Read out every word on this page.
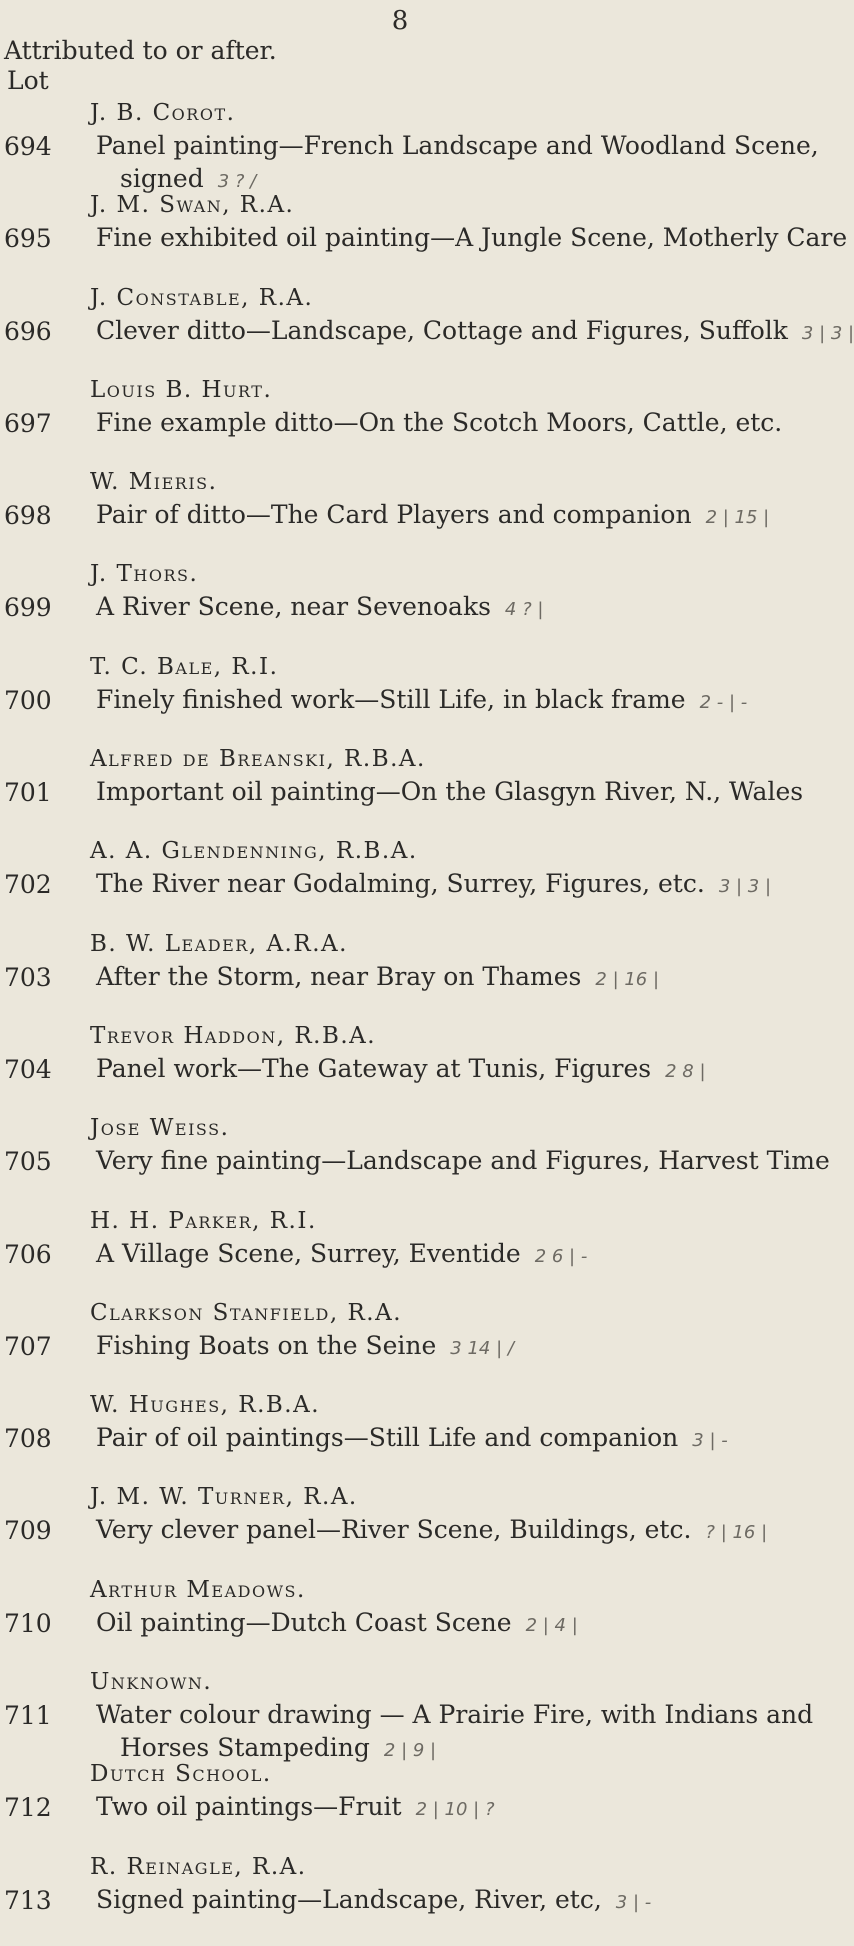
8
Attributed to or after.
Lot
J. B. Corot.
694 Panel painting—French Landscape and Woodland Scene,
signed 3 ? /
J. M. Swan, R.A.
695 Fine exhibited oil painting—A Jungle Scene, Motherly Care
J. Constable, R.A.
696 Clever ditto—Landscape, Cottage and Figures, Suffolk 3 | 3 |
Louis B. Hurt.
697 Fine example ditto—On the Scotch Moors, Cattle, etc.
W. Mieris.
698 Pair of ditto—The Card Players and companion 2 | 15 |
J. Thors.
699 A River Scene, near Sevenoaks 4 ? |
T. C. Bale, R.I.
700 Finely finished work—Still Life, in black frame 2 - | -
Alfred de Breanski, R.B.A.
701 Important oil painting—On the Glasgyn River, N., Wales
A. A. Glendenning, R.B.A.
702 The River near Godalming, Surrey, Figures, etc. 3 | 3 |
B. W. Leader, A.R.A.
703 After the Storm, near Bray on Thames 2 | 16 |
Trevor Haddon, R.B.A.
704 Panel work—The Gateway at Tunis, Figures 2 8 |
Jose Weiss.
705 Very fine painting—Landscape and Figures, Harvest Time
H. H. Parker, R.I.
706 A Village Scene, Surrey, Eventide 2 6 | -
Clarkson Stanfield, R.A.
707 Fishing Boats on the Seine 3 14 | /
W. Hughes, R.B.A.
708 Pair of oil paintings—Still Life and companion 3 | -
J. M. W. Turner, R.A.
709 Very clever panel—River Scene, Buildings, etc. ? | 16 |
Arthur Meadows.
710 Oil painting—Dutch Coast Scene 2 | 4 |
Unknown.
711 Water colour drawing — A Prairie Fire, with Indians and
Horses Stampeding 2 | 9 |
Dutch School.
712 Two oil paintings—Fruit 2 | 10 | ?
R. Reinagle, R.A.
713 Signed painting—Landscape, River, etc, 3 | -
